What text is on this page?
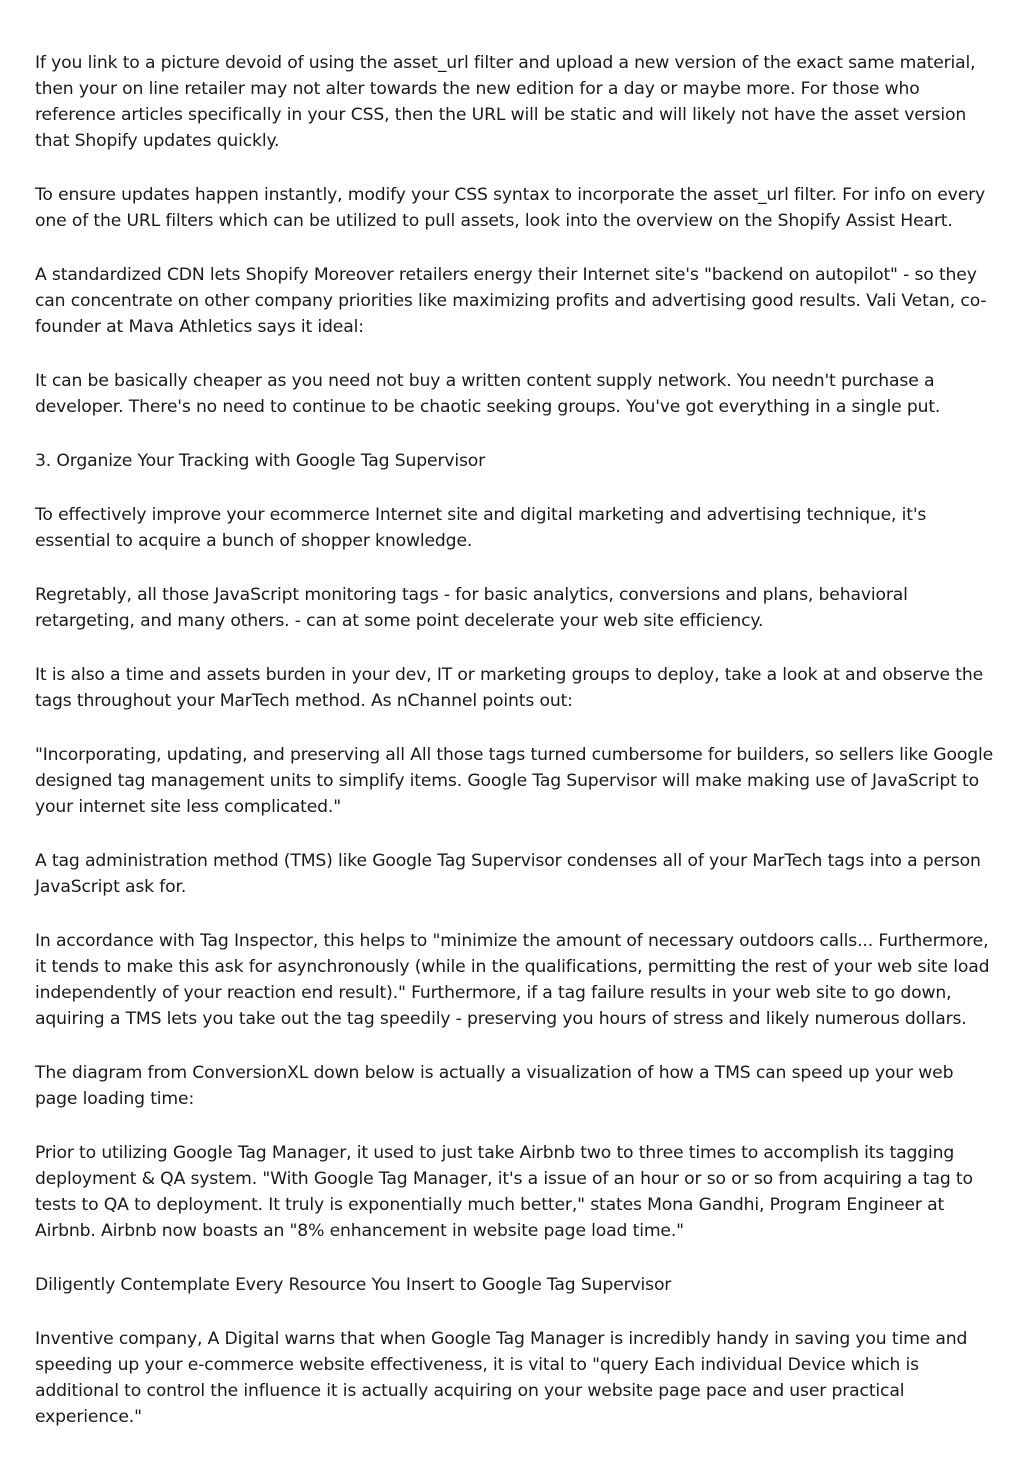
If you link to a picture devoid of using the asset_url filter and upload a new version of the exact same material, then your on line retailer may not alter towards the new edition for a day or maybe more. For those who reference articles specifically in your CSS, then the URL will be static and will likely not have the asset version that Shopify updates quickly.

To ensure updates happen instantly, modify your CSS syntax to incorporate the asset_url filter. For info on every one of the URL filters which can be utilized to pull assets, look into the overview on the Shopify Assist Heart.

A standardized CDN lets Shopify Moreover retailers energy their Internet site's "backend on autopilot" - so they can concentrate on other company priorities like maximizing profits and advertising good results. Vali Vetan, co-founder at Mava Athletics says it ideal:

It can be basically cheaper as you need not buy a written content supply network. You needn't purchase a developer. There's no need to continue to be chaotic seeking groups. You've got everything in a single put.

3. Organize Your Tracking with Google Tag Supervisor

To effectively improve your ecommerce Internet site and digital marketing and advertising technique, it's essential to acquire a bunch of shopper knowledge.

Regretably, all those JavaScript monitoring tags - for basic analytics, conversions and plans, behavioral retargeting, and many others. - can at some point decelerate your web site efficiency.

It is also a time and assets burden in your dev, IT or marketing groups to deploy, take a look at and observe the tags throughout your MarTech method. As nChannel points out:

"Incorporating, updating, and preserving all All those tags turned cumbersome for builders, so sellers like Google designed tag management units to simplify items. Google Tag Supervisor will make making use of JavaScript to your internet site less complicated."

A tag administration method (TMS) like Google Tag Supervisor condenses all of your MarTech tags into a person JavaScript ask for.

In accordance with Tag Inspector, this helps to "minimize the amount of necessary outdoors calls... Furthermore, it tends to make this ask for asynchronously (while in the qualifications, permitting the rest of your web site load independently of your reaction end result)." Furthermore, if a tag failure results in your web site to go down, aquiring a TMS lets you take out the tag speedily - preserving you hours of stress and likely numerous dollars.

The diagram from ConversionXL down below is actually a visualization of how a TMS can speed up your web page loading time:

Prior to utilizing Google Tag Manager, it used to just take Airbnb two to three times to accomplish its tagging deployment & QA system. "With Google Tag Manager, it's a issue of an hour or so or so from acquiring a tag to tests to QA to deployment. It truly is exponentially much better," states Mona Gandhi, Program Engineer at Airbnb. Airbnb now boasts an "8% enhancement in website page load time."

Diligently Contemplate Every Resource You Insert to Google Tag Supervisor

Inventive company, A Digital warns that when Google Tag Manager is incredibly handy in saving you time and speeding up your e-commerce website effectiveness, it is vital to "query Each individual Device which is additional to control the influence it is actually acquiring on your website page pace and user practical experience."
